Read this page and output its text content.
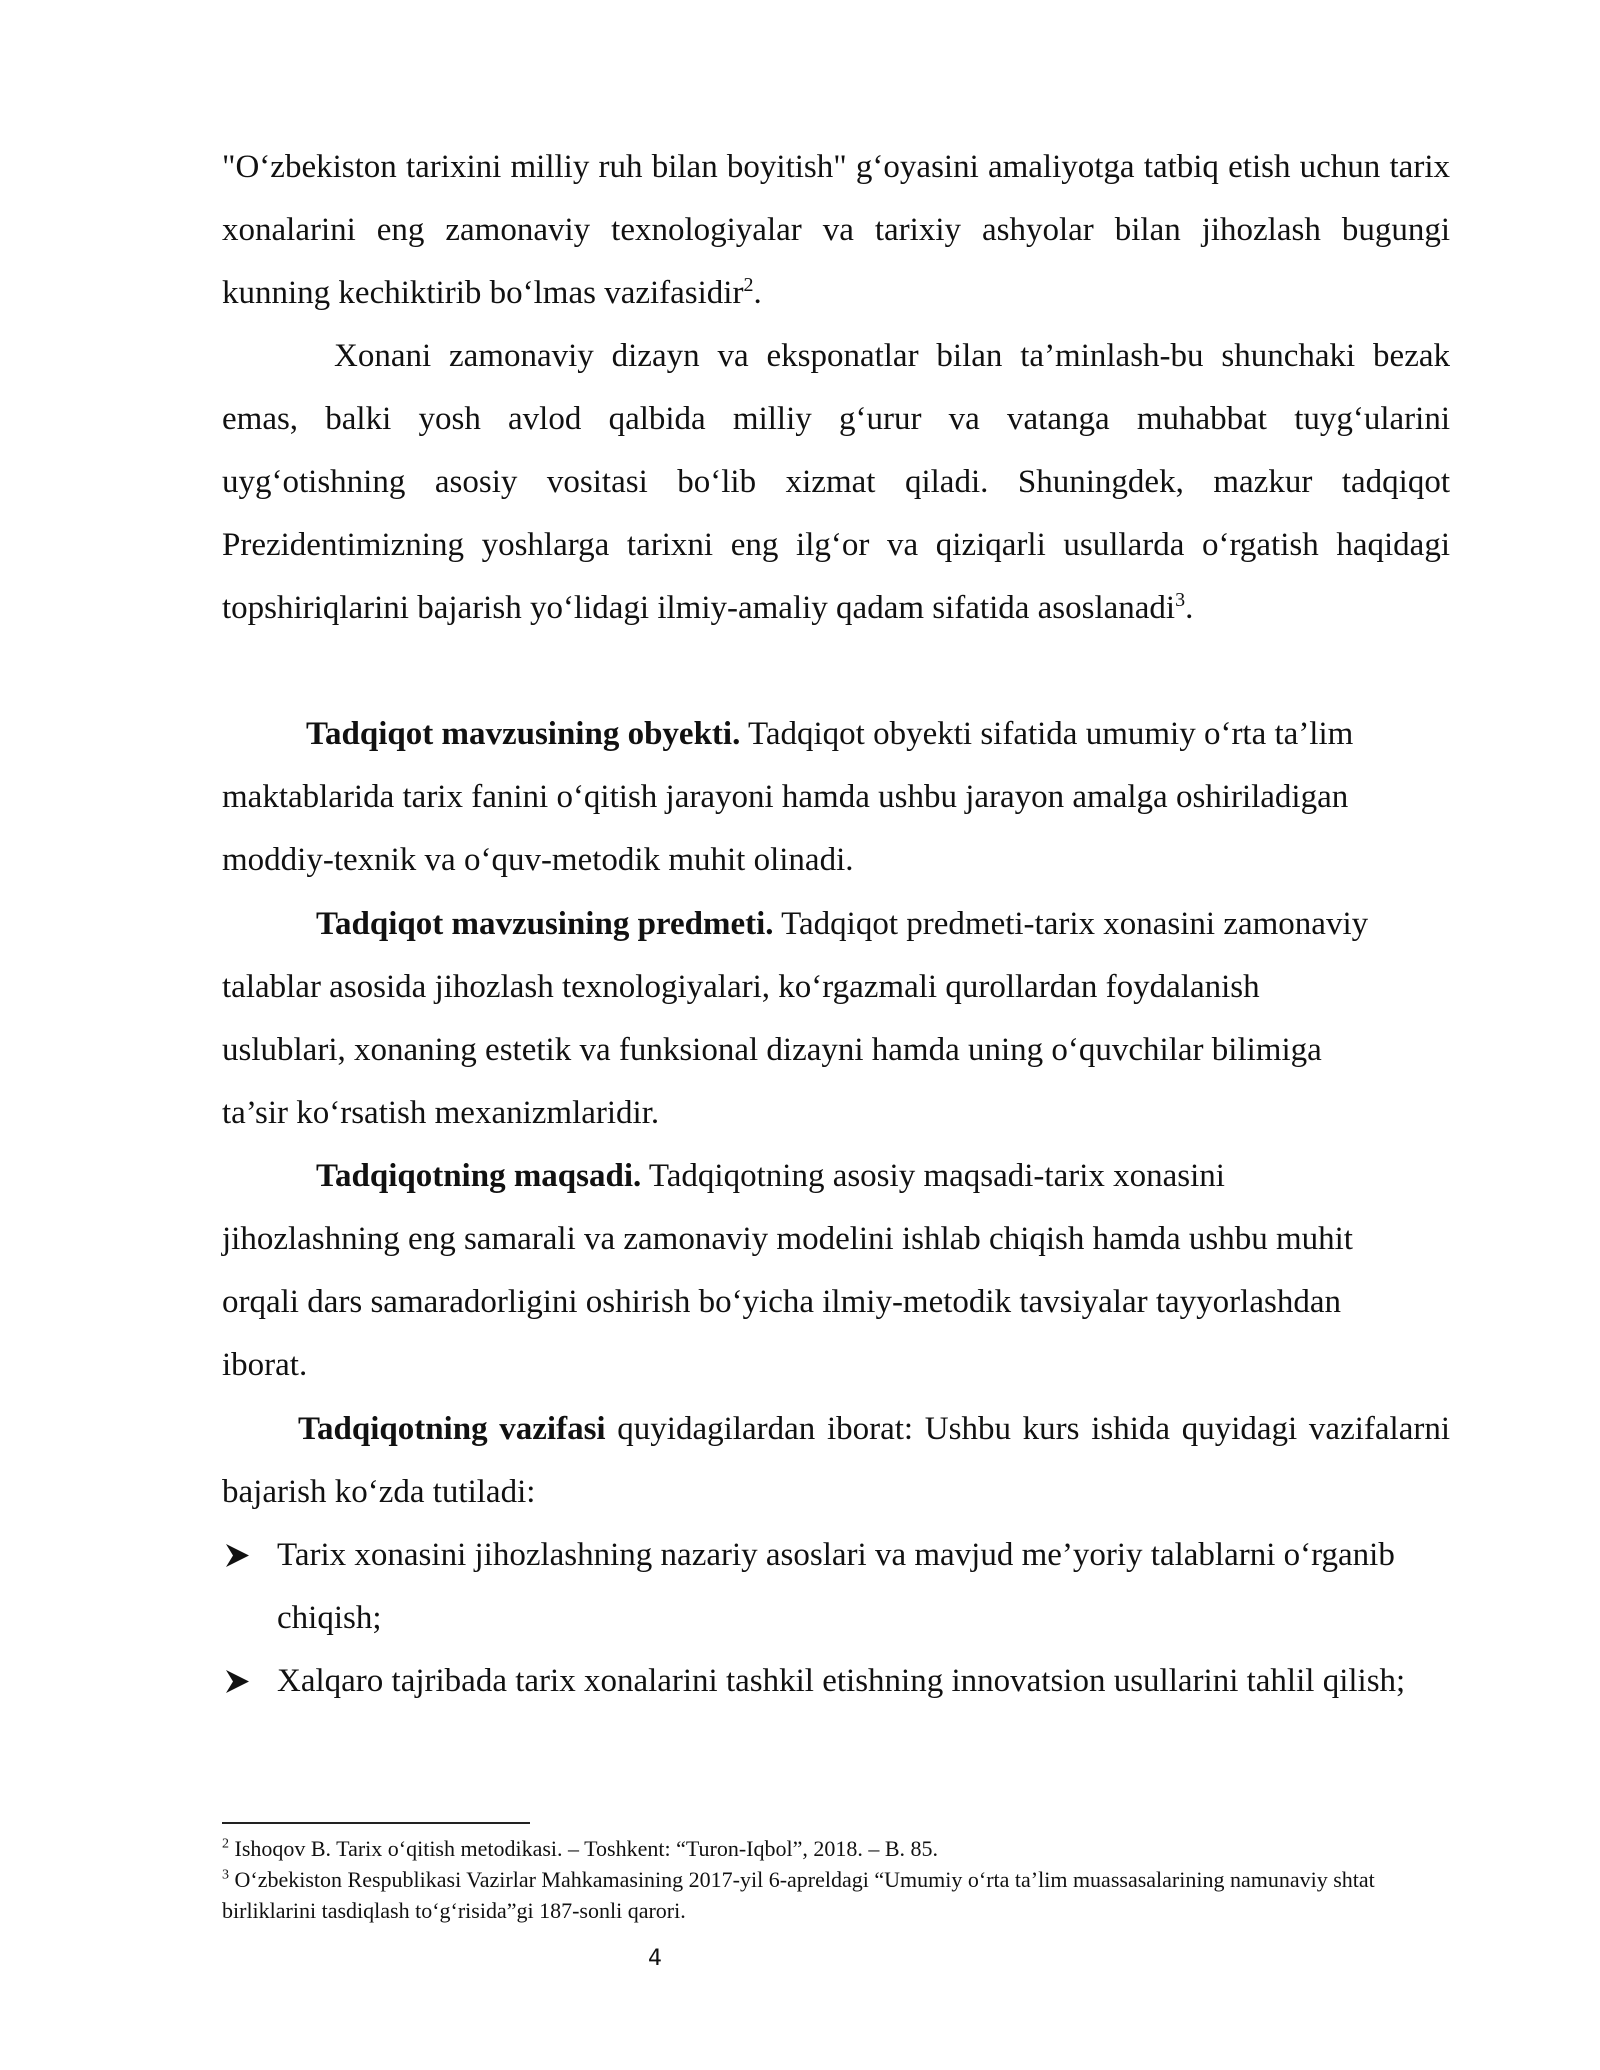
"O‘zbekiston tarixini milliy ruh bilan boyitish" g‘oyasini amaliyotga tatbiq etish uchun tarix xonalarini eng zamonaviy texnologiyalar va tarixiy ashyolar bilan jihozlash bugungi kunning kechiktirib bo‘lmas vazifasidir$^2$.

Xonani zamonaviy dizayn va eksponatlar bilan ta’minlash-bu shunchaki bezak emas, balki yosh avlod qalbida milliy g‘urur va vatanga muhabbat tuyg‘ularini uyg‘otishning asosiy vositasi bo‘lib xizmat qiladi. Shuningdek, mazkur tadqiqot Prezidentimizning yoshlarga tarixni eng ilg‘or va qiziqarli usullarda o‘rgatish haqidagi topshiriqlarini bajarish yo‘lidagi ilmiy-amaliy qadam sifatida asoslanadi$^3$.

Tadqiqot mavzusining obyekti. Tadqiqot obyekti sifatida umumiy o‘rta ta’lim maktablarida tarix fanini o‘qitish jarayoni hamda ushbu jarayon amalga oshiriladigan moddiy-texnik va o‘quv-metodik muhit olinadi.

Tadqiqot mavzusining predmeti. Tadqiqot predmeti-tarix xonasini zamonaviy talablar asosida jihozlash texnologiyalari, ko‘rgazmali qurollardan foydalanish uslublari, xonaning estetik va funksional dizayni hamda uning o‘quvchilar bilimiga ta’sir ko‘rsatish mexanizmlaridir.

Tadqiqotning maqsadi. Tadqiqotning asosiy maqsadi-tarix xonasini jihozlashning eng samarali va zamonaviy modelini ishlab chiqish hamda ushbu muhit orqali dars samaradorligini oshirish bo‘yicha ilmiy-metodik tavsiyalar tayyorlashdan iborat.

Tadqiqotning vazifasi quyidagilardan iborat: Ushbu kurs ishida quyidagi vazifalarni bajarish ko‘zda tutiladi:

Tarix xonasini jihozlashning nazariy asoslari va mavjud me’yoriy talablarni o‘rganib chiqish;
Xalqaro tajribada tarix xonalarini tashkil etishning innovatsion usullarini tahlil qilish;

$^2$ Ishoqov B. Tarix o‘qitish metodikasi. – Toshkent: “Turon-Iqbol”, 2018. – B. 85.

$^3$ O‘zbekiston Respublikasi Vazirlar Mahkamasining 2017-yil 6-apreldagi “Umumiy o‘rta ta’lim muassasalarining namunaviy shtat birliklarini tasdiqlash to‘g‘risida”gi 187-sonli qarori.

4
